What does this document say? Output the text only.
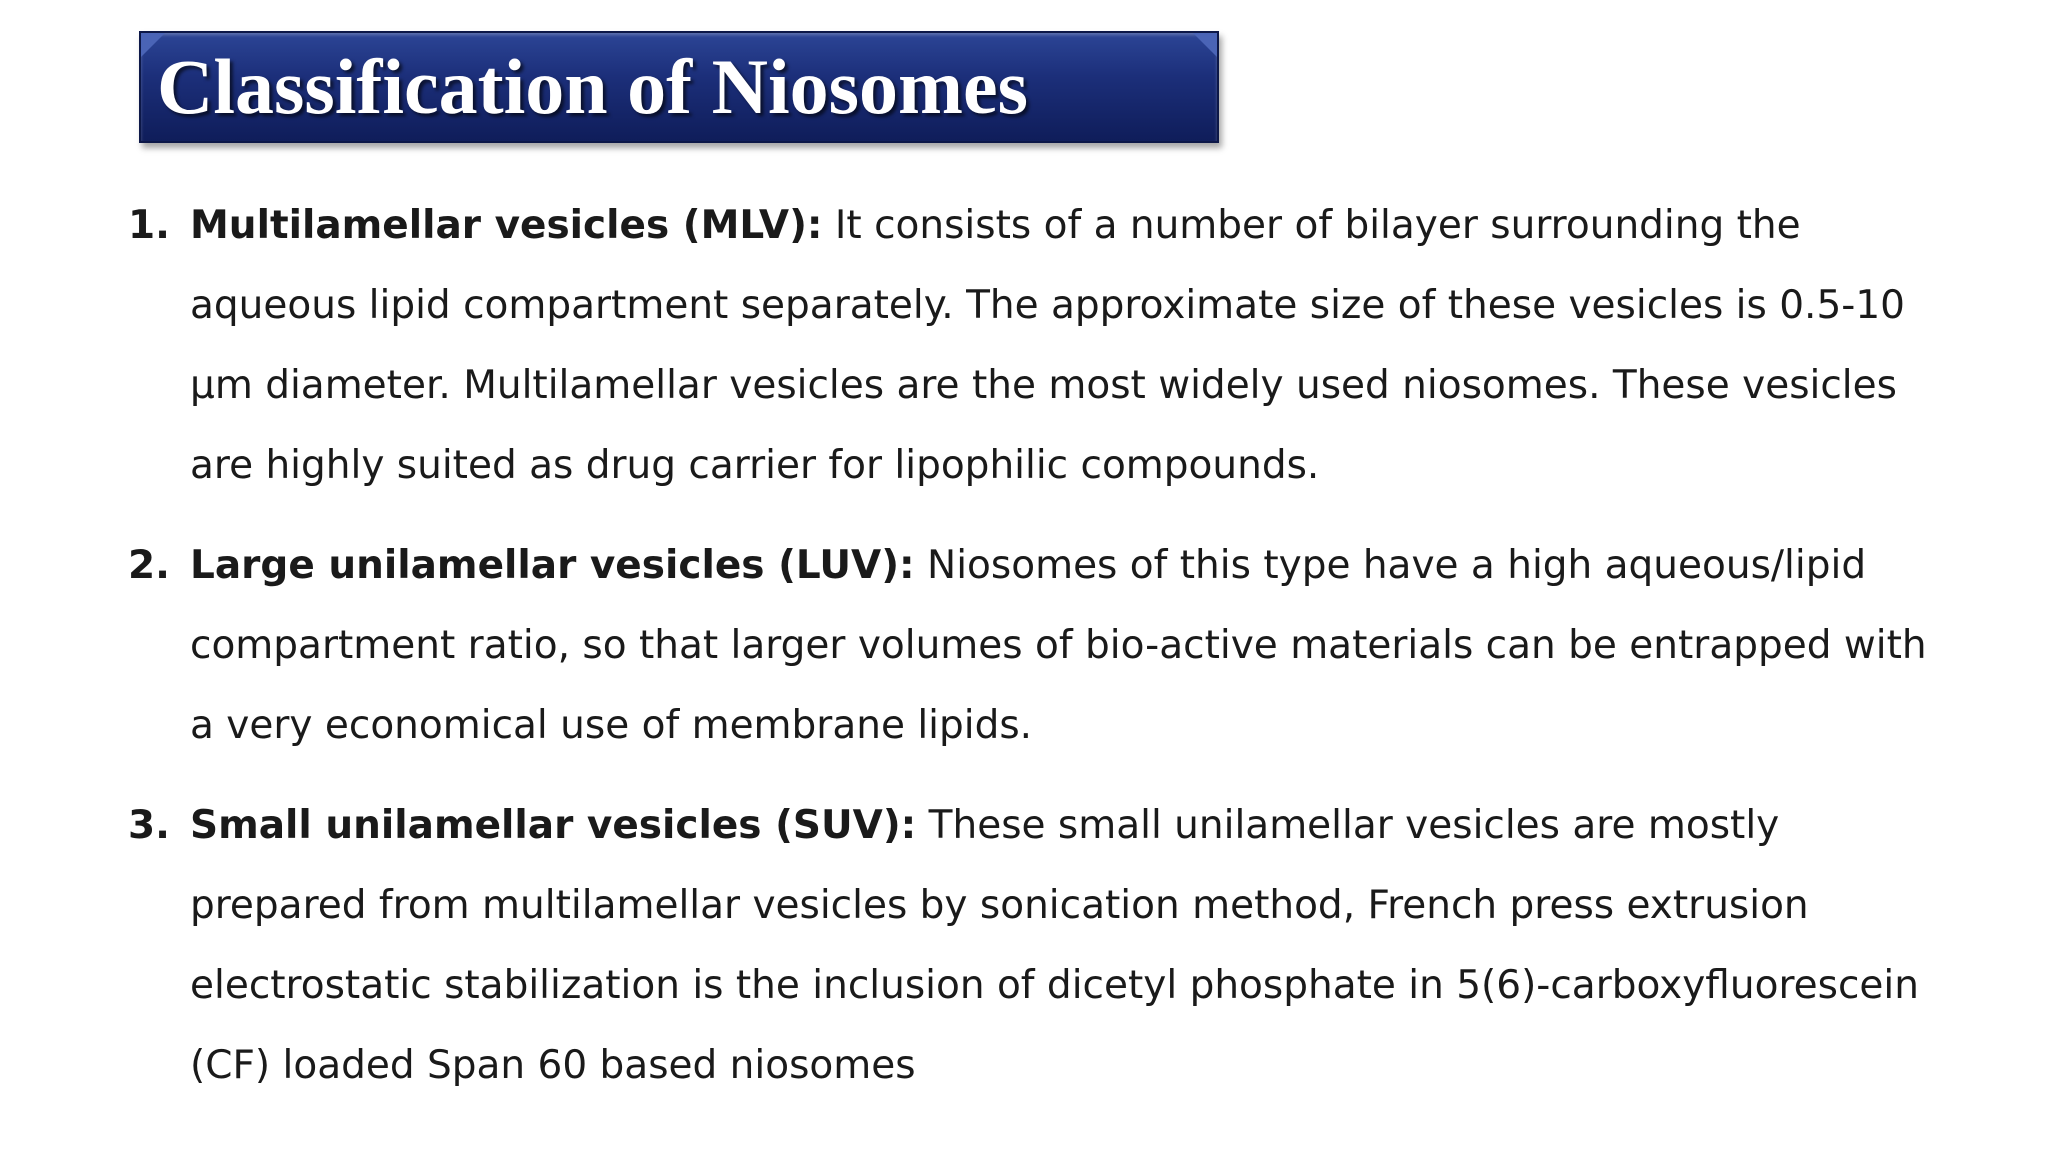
Classification of Niosomes
1. Multilamellar vesicles (MLV): It consists of a number of bilayer surrounding the aqueous lipid compartment separately. The approximate size of these vesicles is 0.5-10 µm diameter. Multilamellar vesicles are the most widely used niosomes. These vesicles are highly suited as drug carrier for lipophilic compounds.
2. Large unilamellar vesicles (LUV): Niosomes of this type have a high aqueous/lipid compartment ratio, so that larger volumes of bio-active materials can be entrapped with a very economical use of membrane lipids.
3. Small unilamellar vesicles (SUV): These small unilamellar vesicles are mostly prepared from multilamellar vesicles by sonication method, French press extrusion electrostatic stabilization is the inclusion of dicetyl phosphate in 5(6)-carboxyfluorescein (CF) loaded Span 60 based niosomes
